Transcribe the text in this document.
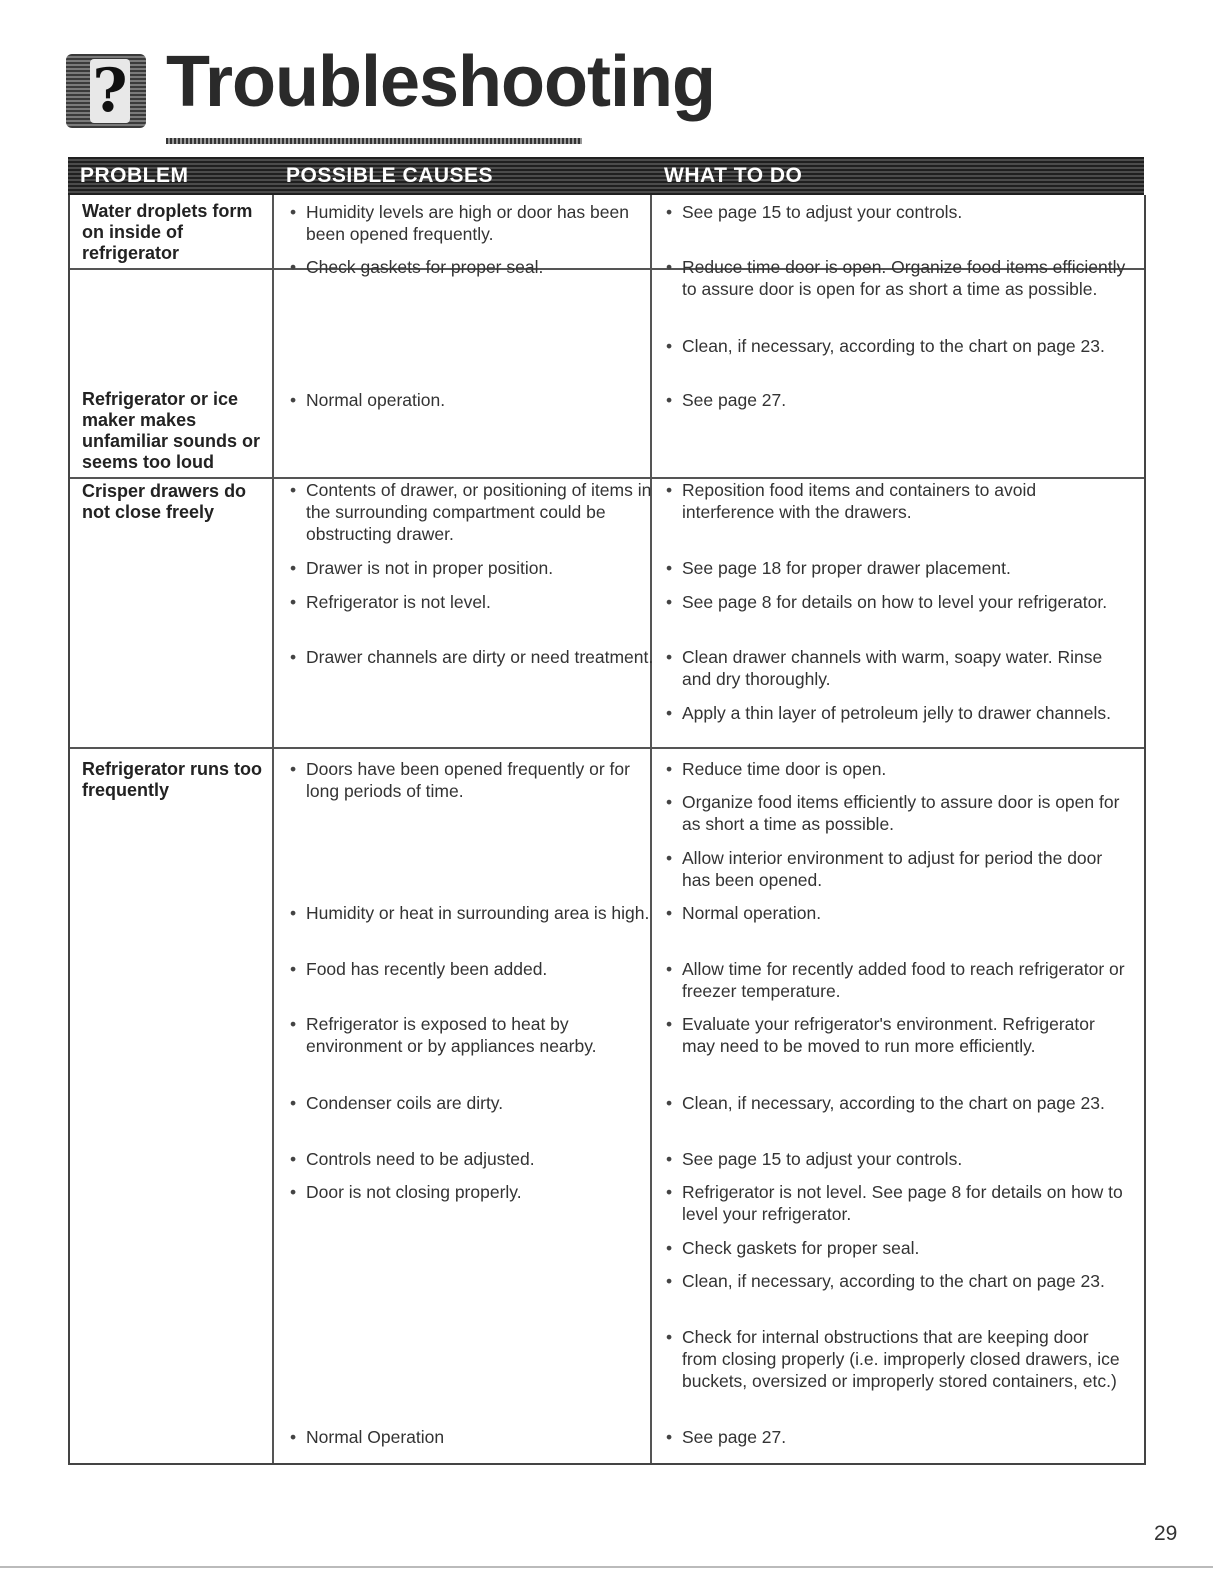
? Troubleshooting
PROBLEM	POSSIBLE CAUSES	WHAT TO DO
Water droplets form on inside of refrigerator
• Humidity levels are high or door has been been opened frequently.
• Check gaskets for proper seal.
• See page 15 to adjust your controls.
• Reduce time door is open. Organize food items efficiently to assure door is open for as short a time as possible.
• Clean, if necessary, according to the chart on page 23.
Refrigerator or ice maker makes unfamiliar sounds or seems too loud
• Normal operation.
•	See page 27.
Crisper drawers do not close freely
• Contents of drawer, or positioning of items in the surrounding compartment could be obstructing drawer.
• Drawer is not in proper position.
• Refrigerator is not level.
• Drawer channels are dirty or need treatment.
• Reposition food items and containers to avoid interference with the drawers.
• See page 18 for proper drawer placement.
• See page 8 for details on how to level your refrigerator.
• Clean drawer channels with warm, soapy water. Rinse and dry thoroughly.
• Apply a thin layer of petroleum jelly to drawer channels.
Refrigerator runs too frequently
• Doors have been opened frequently or for long periods of time.
• Humidity or heat in surrounding area is high.
• Food has recently been added.
• Refrigerator is exposed to heat by environment or by appliances nearby.
• Condenser coils are dirty.
• Controls need to be adjusted.
• Door is not closing properly.
• Normal Operation
• Reduce time door is open.
• Organize food items efficiently to assure door is open for as short a time as possible.
• Allow interior environment to adjust for period the door has been opened.
• Normal operation.
• Allow time for recently added food to reach refrigerator or freezer temperature.
• Evaluate your refrigerator's environment. Refrigerator may need to be moved to run more efficiently.
• Clean, if necessary, according to the chart on page 23.
• See page 15 to adjust your controls.
• Refrigerator is not level. See page 8 for details on how to level your refrigerator.
• Check gaskets for proper seal.
• Clean, if necessary, according to the chart on page 23.
• Check for internal obstructions that are keeping door from closing properly (i.e. improperly closed drawers, ice buckets, oversized or improperly stored containers, etc.)
• See page 27.
29
